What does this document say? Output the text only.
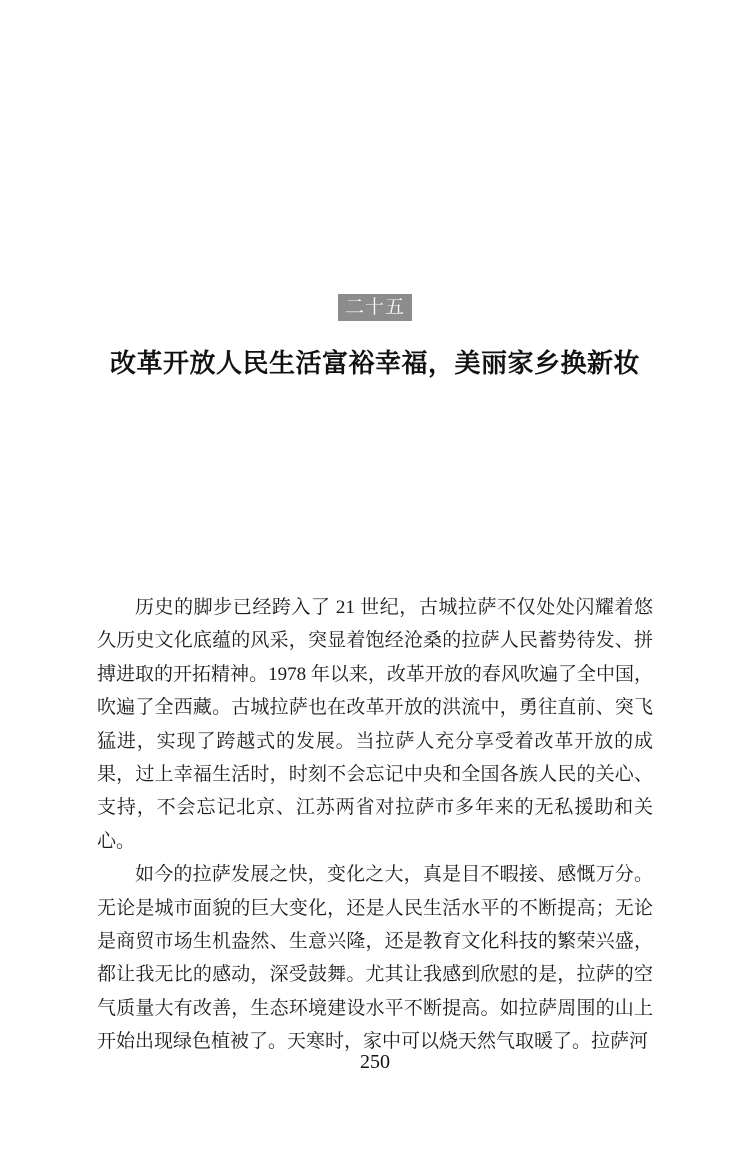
二十五
改革开放人民生活富裕幸福，美丽家乡换新妆

历史的脚步已经跨入了 21 世纪，古城拉萨不仅处处闪耀着悠久历史文化底蕴的风采，突显着饱经沧桑的拉萨人民蓄势待发、拼搏进取的开拓精神。1978 年以来，改革开放的春风吹遍了全中国，吹遍了全西藏。古城拉萨也在改革开放的洪流中，勇往直前、突飞猛进，实现了跨越式的发展。当拉萨人充分享受着改革开放的成果，过上幸福生活时，时刻不会忘记中央和全国各族人民的关心、支持，不会忘记北京、江苏两省对拉萨市多年来的无私援助和关心。

如今的拉萨发展之快，变化之大，真是目不暇接、感慨万分。无论是城市面貌的巨大变化，还是人民生活水平的不断提高；无论是商贸市场生机盎然、生意兴隆，还是教育文化科技的繁荣兴盛，都让我无比的感动，深受鼓舞。尤其让我感到欣慰的是，拉萨的空气质量大有改善，生态环境建设水平不断提高。如拉萨周围的山上开始出现绿色植被了。天寒时，家中可以烧天然气取暖了。拉萨河

250
